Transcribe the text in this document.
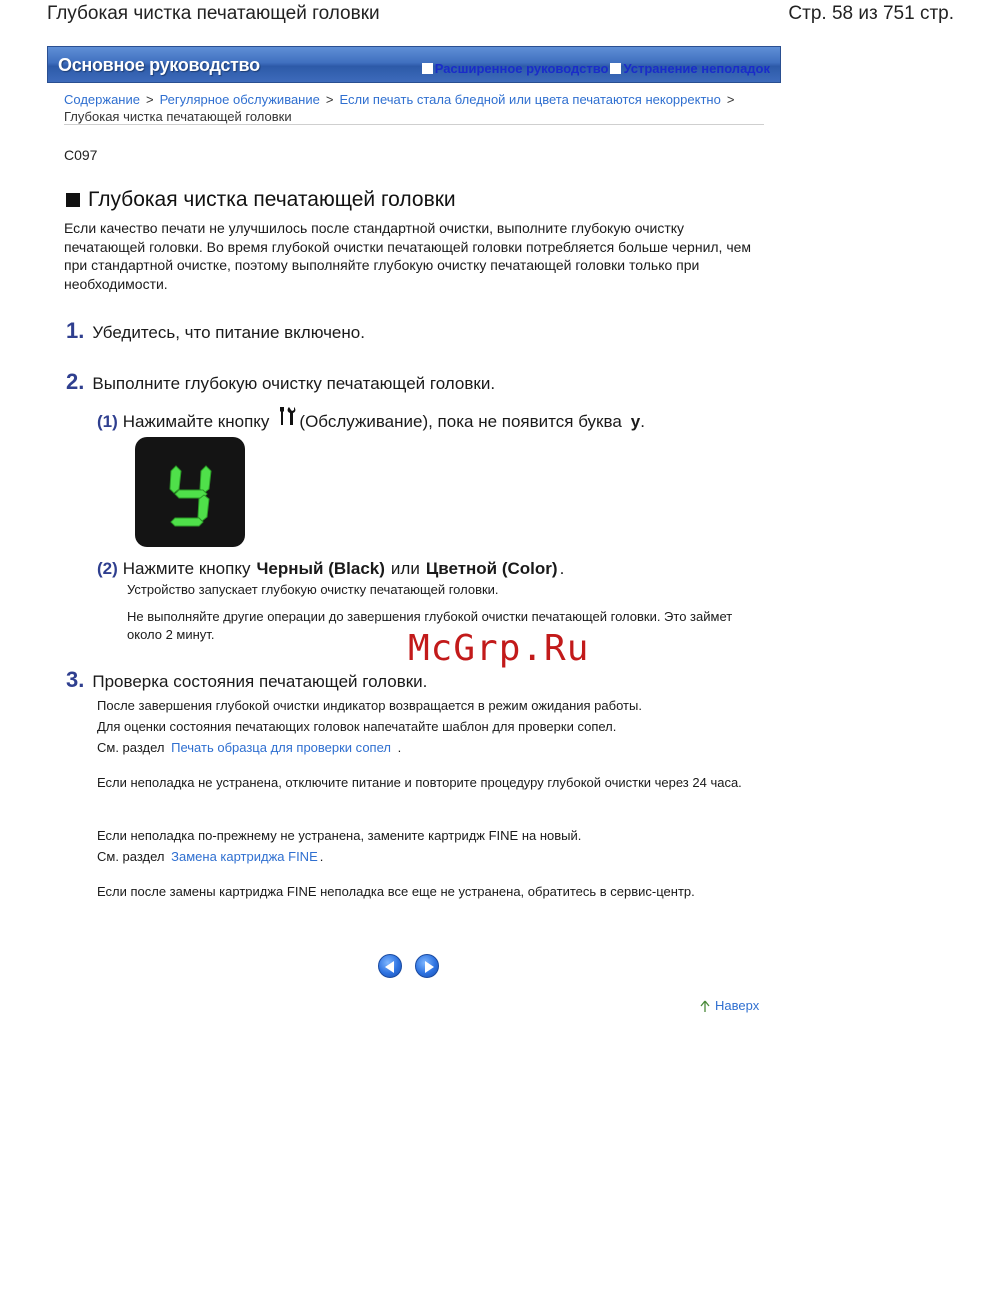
Глубокая чистка печатающей головки	Стр. 58 из 751 стр.
Основное руководство	Расширенное руководство Устранение неполадок
Содержание > Регулярное обслуживание > Если печать стала бледной или цвета печатаются некорректно >
Глубокая чистка печатающей головки
C097
Глубокая чистка печатающей головки
Если качество печати не улучшилось после стандартной очистки, выполните глубокую очистку печатающей головки. Во время глубокой очистки печатающей головки потребляется больше чернил, чем при стандартной очистке, поэтому выполняйте глубокую очистку печатающей головки только при необходимости.
1. Убедитесь, что питание включено.
2. Выполните глубокую очистку печатающей головки.
(1) Нажимайте кнопку (Обслуживание), пока не появится буква y .
(2) Нажмите кнопку Черный (Black) или Цветной (Color) .
Устройство запускает глубокую очистку печатающей головки.
Не выполняйте другие операции до завершения глубокой очистки печатающей головки. Это займет около 2 минут.	McGrp.Ru
3. Проверка состояния печатающей головки.
После завершения глубокой очистки индикатор возвращается в режим ожидания работы.
Для оценки состояния печатающих головок напечатайте шаблон для проверки сопел.
См. раздел Печать образца для проверки сопел .
Если неполадка не устранена, отключите питание и повторите процедуру глубокой очистки через 24 часа.
Если неполадка по-прежнему не устранена, замените картридж FINE на новый.
См. раздел Замена картриджа FINE .
Если после замены картриджа FINE неполадка все еще не устранена, обратитесь в сервис-центр.
Наверх
